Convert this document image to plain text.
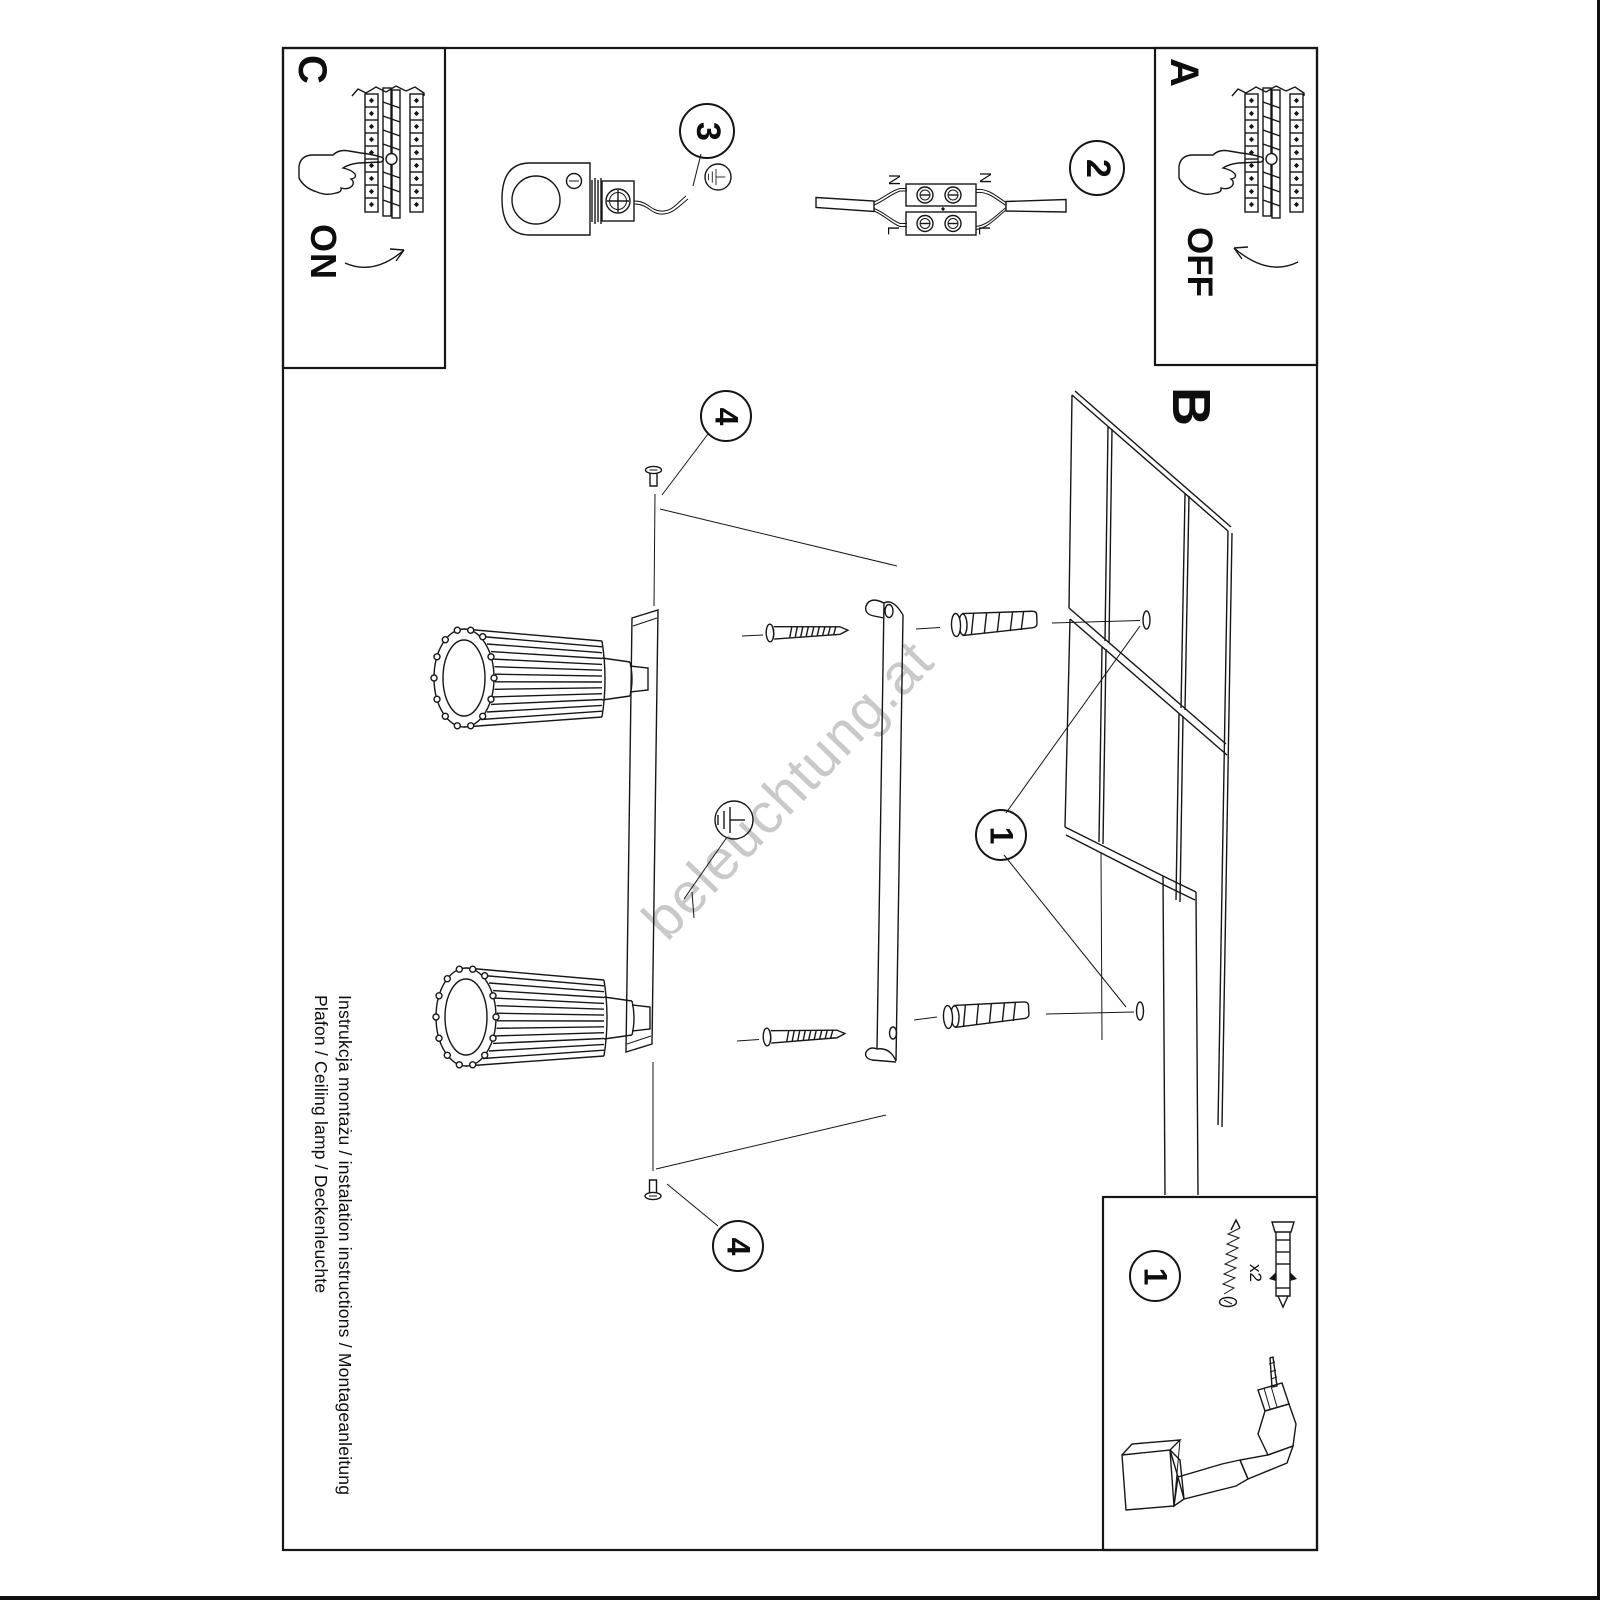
beleuchtung.at
C	A
B
ON	OFF
N	N
L	L
x2
Instrukcja montażu / instalation instructions / Montageanleitung
Plafon / Ceiling lamp / Deckenleuchte
3
2
4
1
4
1
